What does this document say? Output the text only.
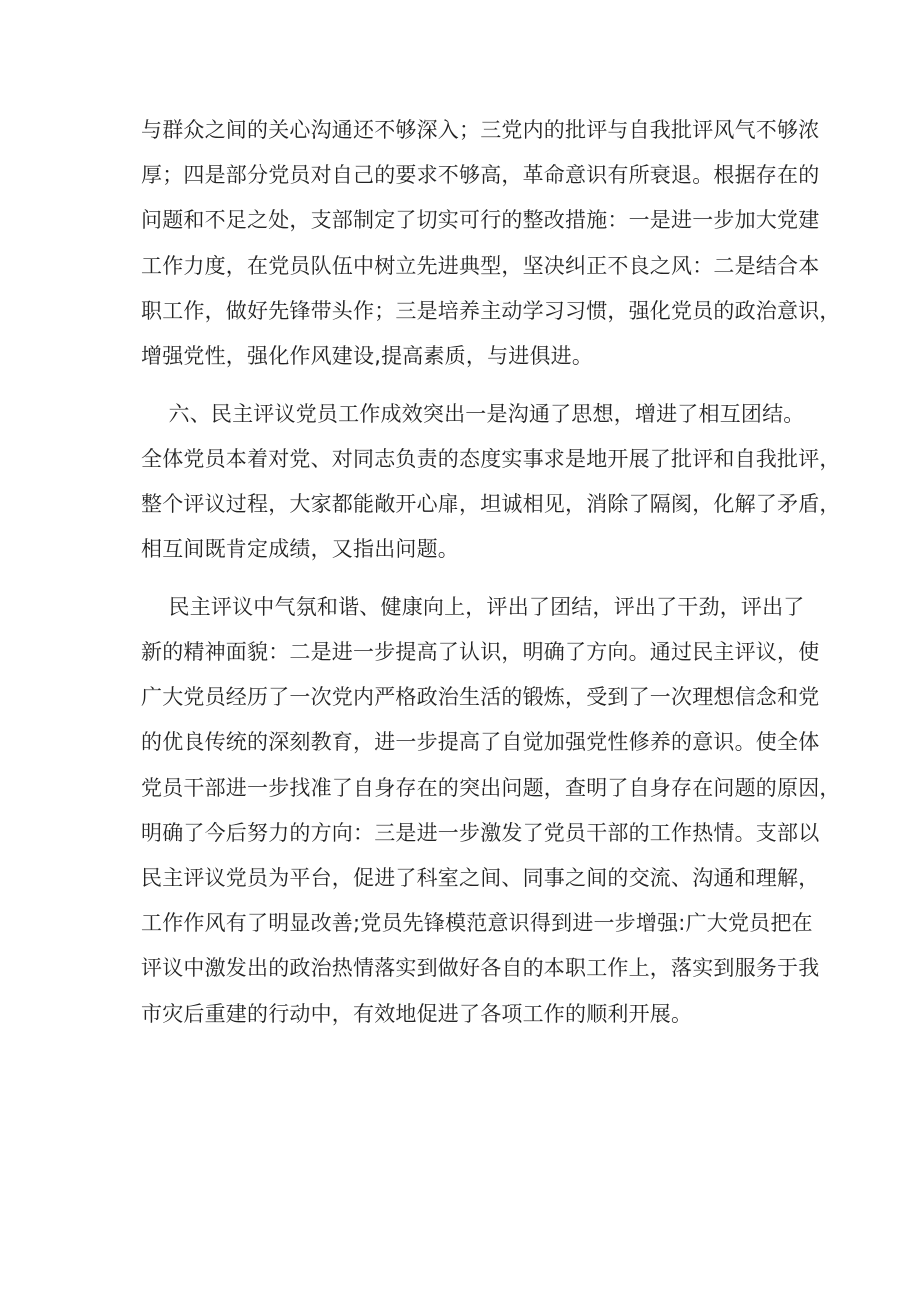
与群众之间的关心沟通还不够深入；三党内的批评与自我批评风气不够浓
厚；四是部分党员对自己的要求不够高，革命意识有所衰退。根据存在的
问题和不足之处，支部制定了切实可行的整改措施：一是进一步加大党建
工作力度，在党员队伍中树立先进典型，坚决纠正不良之风：二是结合本
职工作，做好先锋带头作；三是培养主动学习习惯，强化党员的政治意识，
增强党性，强化作风建设,提高素质，与进俱进。
六、民主评议党员工作成效突出一是沟通了思想，增进了相互团结。
全体党员本着对党、对同志负责的态度实事求是地开展了批评和自我批评，
整个评议过程，大家都能敞开心扉，坦诚相见，消除了隔阂，化解了矛盾，
相互间既肯定成绩，又指出问题。
民主评议中气氛和谐、健康向上，评出了团结，评出了干劲，评出了
新的精神面貌：二是进一步提高了认识，明确了方向。通过民主评议，使
广大党员经历了一次党内严格政治生活的锻炼，受到了一次理想信念和党
的优良传统的深刻教育，进一步提高了自觉加强党性修养的意识。使全体
党员干部进一步找准了自身存在的突出问题，查明了自身存在问题的原因，
明确了今后努力的方向：三是进一步激发了党员干部的工作热情。支部以
民主评议党员为平台，促进了科室之间、同事之间的交流、沟通和理解，
工作作风有了明显改善;党员先锋模范意识得到进一步增强:广大党员把在
评议中激发出的政治热情落实到做好各自的本职工作上，落实到服务于我
市灾后重建的行动中，有效地促进了各项工作的顺利开展。
